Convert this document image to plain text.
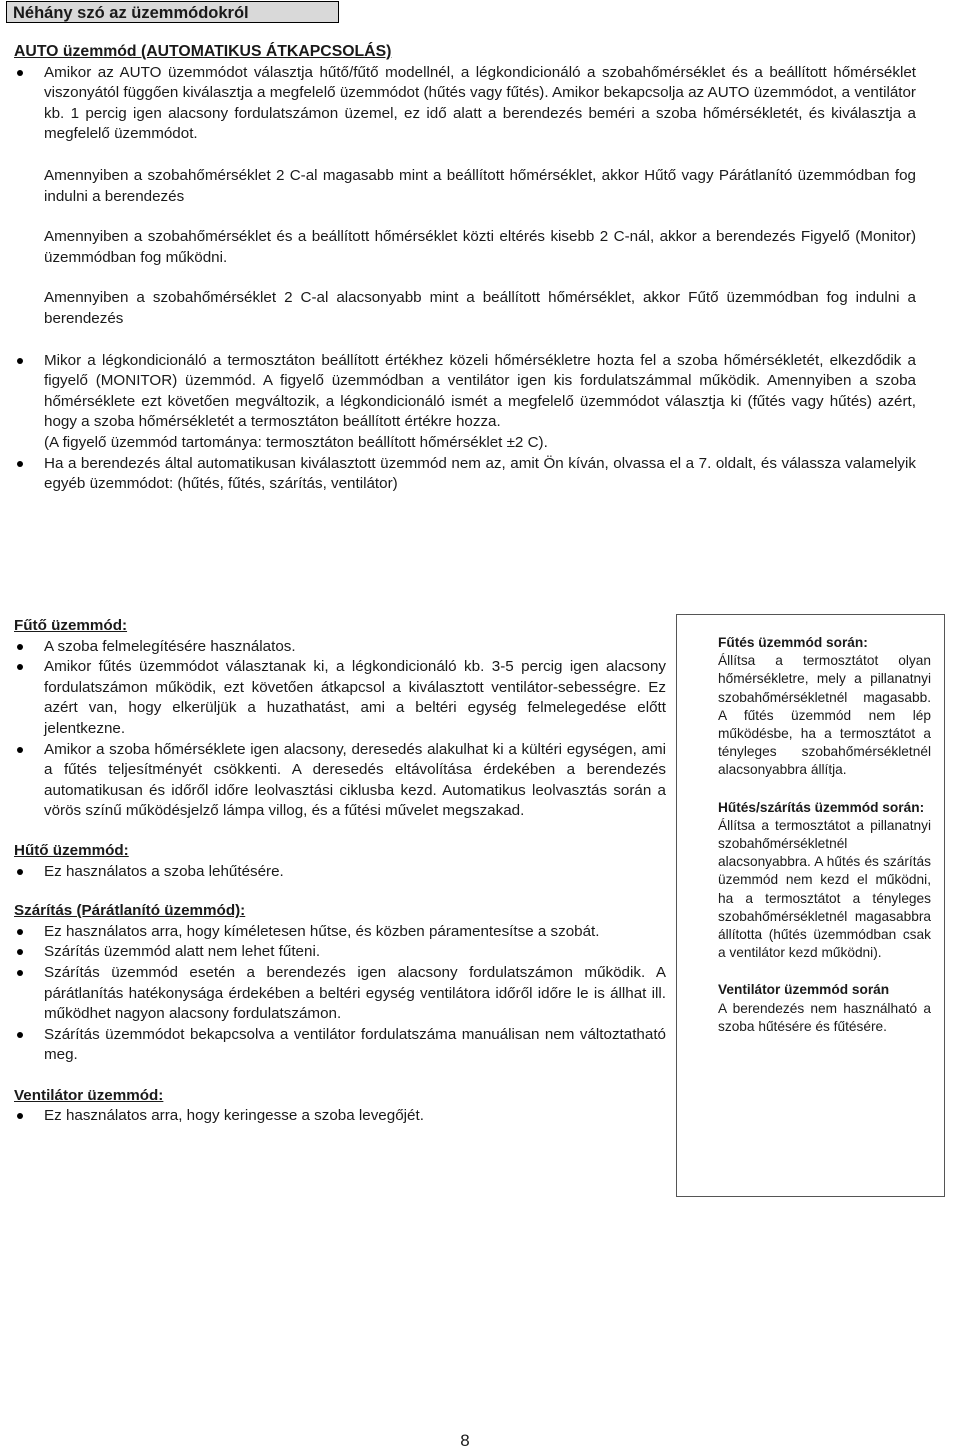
Néhány szó az üzemmódokról
AUTO üzemmód (AUTOMATIKUS ÁTKAPCSOLÁS)
Amikor az AUTO üzemmódot választja hűtő/fűtő modellnél, a légkondicionáló a szobahőmérséklet és a beállított hőmérséklet viszonyától függően kiválasztja a megfelelő üzemmódot (hűtés vagy fűtés). Amikor bekapcsolja az AUTO üzemmódot, a ventilátor kb. 1 percig igen alacsony fordulatszámon üzemel, ez idő alatt a berendezés beméri a szoba hőmérsékletét, és kiválasztja a megfelelő üzemmódot.
Amennyiben a szobahőmérséklet 2 C-al magasabb mint a beállított hőmérséklet, akkor Hűtő vagy Párátlanító üzemmódban fog indulni a berendezés
Amennyiben a szobahőmérséklet és a beállított hőmérséklet közti eltérés kisebb 2 C-nál, akkor a berendezés Figyelő (Monitor) üzemmódban fog működni.
Amennyiben a szobahőmérséklet 2 C-al alacsonyabb mint a beállított hőmérséklet, akkor Fűtő üzemmódban fog indulni a berendezés
Mikor a légkondicionáló a termosztáton beállított értékhez közeli hőmérsékletre hozta fel a szoba hőmérsékletét, elkezdődik a figyelő (MONITOR) üzemmód. A figyelő üzemmódban a ventilátor igen kis fordulatszámmal működik. Amennyiben a szoba hőmérséklete ezt követően megváltozik, a légkondicionáló ismét a megfelelő üzemmódot választja ki (fűtés vagy hűtés) azért, hogy a szoba hőmérsékletét a termosztáton beállított értékre hozza.
(A figyelő üzemmód tartománya: termosztáton beállított hőmérséklet ±2 C).
Ha a berendezés által automatikusan kiválasztott üzemmód nem az, amit Ön kíván, olvassa el a 7. oldalt, és válassza valamelyik egyéb üzemmódot: (hűtés, fűtés, szárítás, ventilátor)
Fűtő üzemmód:
A szoba felmelegítésére használatos.
Amikor fűtés üzemmódot választanak ki, a légkondicionáló kb. 3-5 percig igen alacsony fordulatszámon működik, ezt követően átkapcsol a kiválasztott ventilátor-sebességre. Ez azért van, hogy elkerüljük a huzathatást, ami a beltéri egység felmelegedése előtt jelentkezne.
Amikor a szoba hőmérséklete igen alacsony, deresedés alakulhat ki a kültéri egységen, ami a fűtés teljesítményét csökkenti. A deresedés eltávolítása érdekében a berendezés automatikusan és időről időre leolvasztási ciklusba kezd. Automatikus leolvasztás során a vörös színű működésjelző lámpa villog, és a fűtési művelet megszakad.
Hűtő üzemmód:
Ez használatos a szoba lehűtésére.
Szárítás (Párátlanító üzemmód):
Ez használatos arra, hogy kíméletesen hűtse, és közben páramentesítse a szobát.
Szárítás üzemmód alatt nem lehet fűteni.
Szárítás üzemmód esetén a berendezés igen alacsony fordulatszámon működik. A párátlanítás hatékonysága érdekében a beltéri egység ventilátora időről időre le is állhat ill. működhet nagyon alacsony fordulatszámon.
Szárítás üzemmódot bekapcsolva a ventilátor fordulatszáma manuálisan nem változtatható meg.
Ventilátor üzemmód:
Ez használatos arra, hogy keringesse a szoba levegőjét.
Fűtés üzemmód során:
Állítsa a termosztátot olyan hőmérsékletre, mely a pillanatnyi szobahőmérsékletnél magasabb. A fűtés üzemmód nem lép működésbe, ha a termosztátot a tényleges szobahőmérsékletnél alacsonyabbra állítja.
Hűtés/szárítás üzemmód során:
Állítsa a termosztátot a pillanatnyi szobahőmérsékletnél alacsonyabbra. A hűtés és szárítás üzemmód nem kezd el működni, ha a termosztátot a tényleges szobahőmérsékletnél magasabbra állította (hűtés üzemmódban csak a ventilátor kezd működni).
Ventilátor üzemmód során
A berendezés nem használható a szoba hűtésére és fűtésére.
8
